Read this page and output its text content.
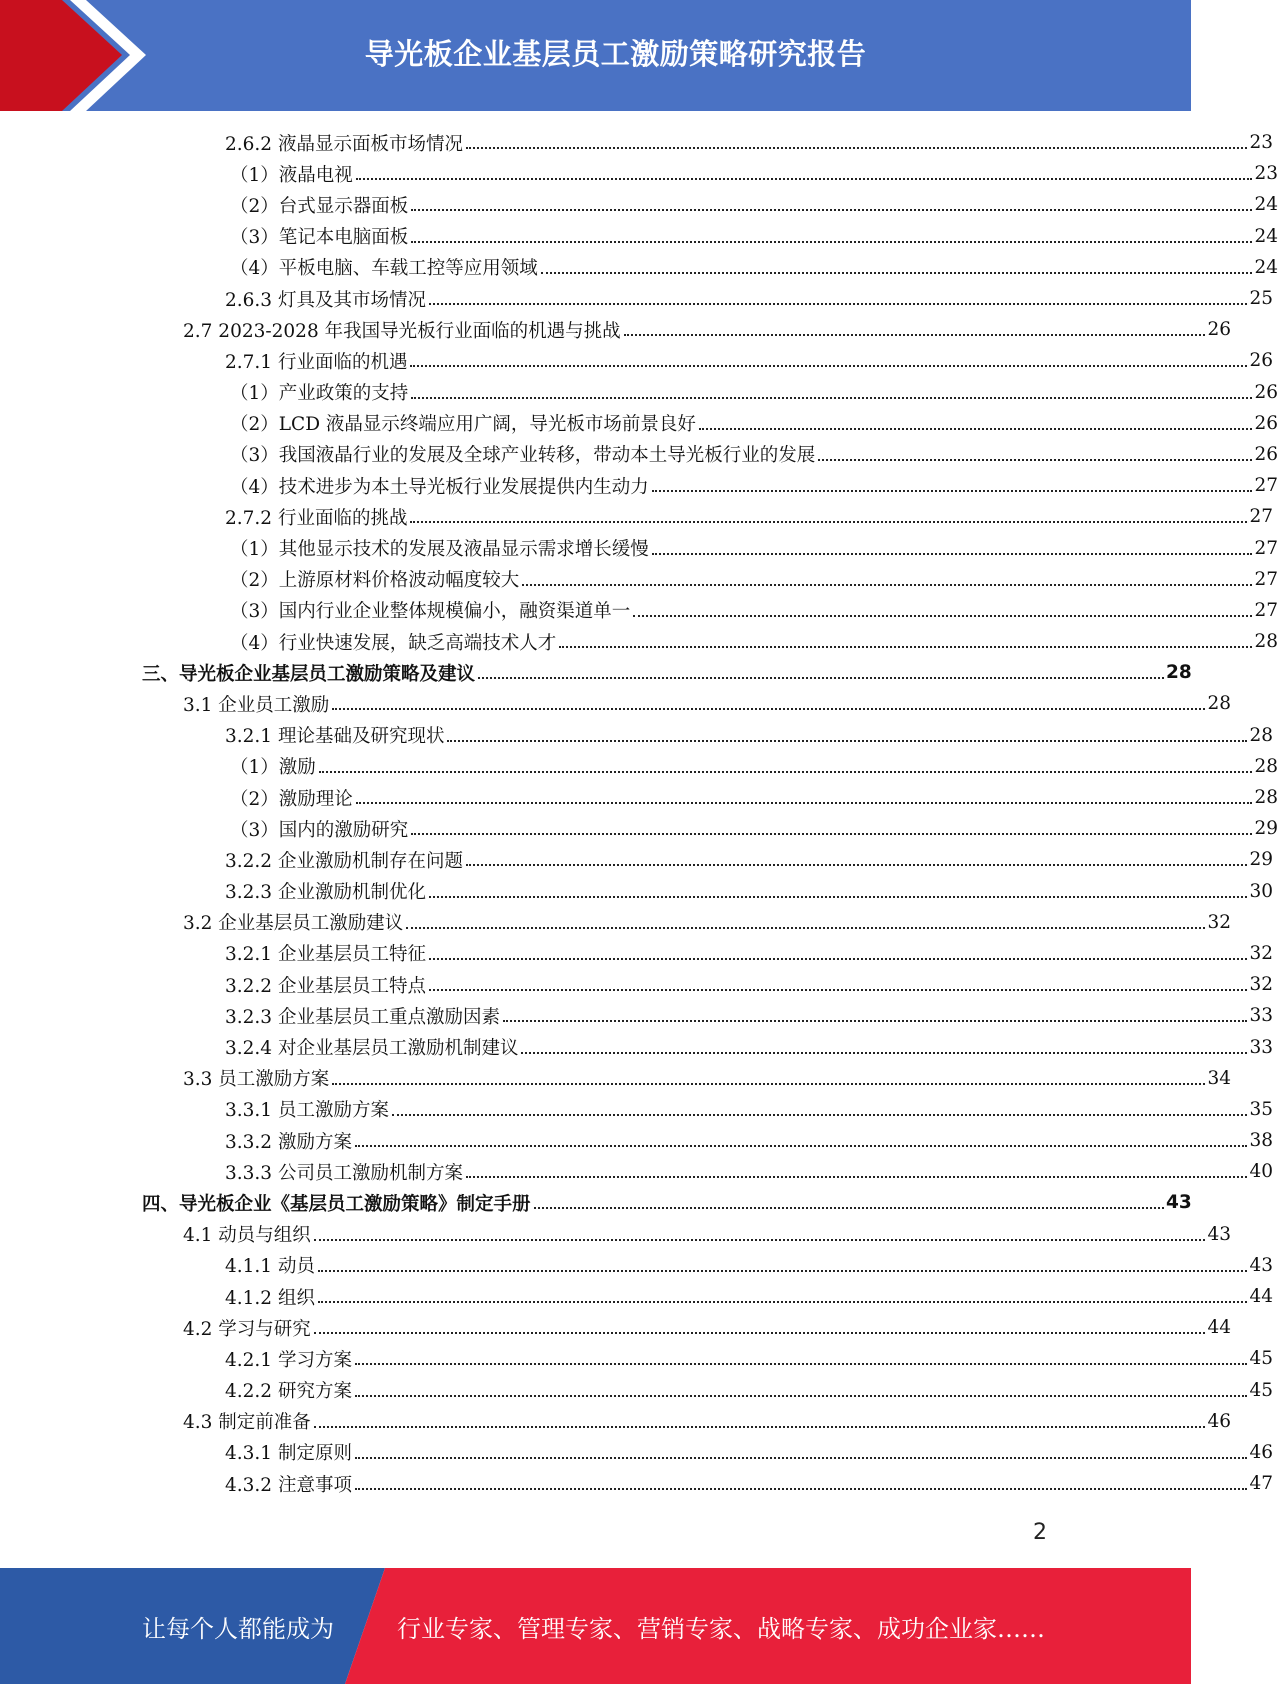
导光板企业基层员工激励策略研究报告
2.6.2 液晶显示面板市场情况	23
（1）液晶电视	23
（2）台式显示器面板	24
（3）笔记本电脑面板	24
（4）平板电脑、车载工控等应用领域	24
2.6.3 灯具及其市场情况	25
2.7 2023-2028 年我国导光板行业面临的机遇与挑战	26
2.7.1 行业面临的机遇	26
（1）产业政策的支持	26
（2）LCD 液晶显示终端应用广阔，导光板市场前景良好	26
（3）我国液晶行业的发展及全球产业转移，带动本土导光板行业的发展	26
（4）技术进步为本土导光板行业发展提供内生动力	27
2.7.2 行业面临的挑战	27
（1）其他显示技术的发展及液晶显示需求增长缓慢	27
（2）上游原材料价格波动幅度较大	27
（3）国内行业企业整体规模偏小，融资渠道单一	27
（4）行业快速发展，缺乏高端技术人才	28
三、导光板企业基层员工激励策略及建议	28
3.1 企业员工激励	28
3.2.1 理论基础及研究现状	28
（1）激励	28
（2）激励理论	28
（3）国内的激励研究	29
3.2.2 企业激励机制存在问题	29
3.2.3 企业激励机制优化	30
3.2 企业基层员工激励建议	32
3.2.1 企业基层员工特征	32
3.2.2 企业基层员工特点	32
3.2.3 企业基层员工重点激励因素	33
3.2.4 对企业基层员工激励机制建议	33
3.3 员工激励方案	34
3.3.1 员工激励方案	35
3.3.2 激励方案	38
3.3.3 公司员工激励机制方案	40
四、导光板企业《基层员工激励策略》制定手册	43
4.1 动员与组织	43
4.1.1 动员	43
4.1.2 组织	44
4.2 学习与研究	44
4.2.1 学习方案	45
4.2.2 研究方案	45
4.3 制定前准备	46
4.3.1 制定原则	46
4.3.2 注意事项	47
2
让每个人都能成为	行业专家、管理专家、营销专家、战略专家、成功企业家……
